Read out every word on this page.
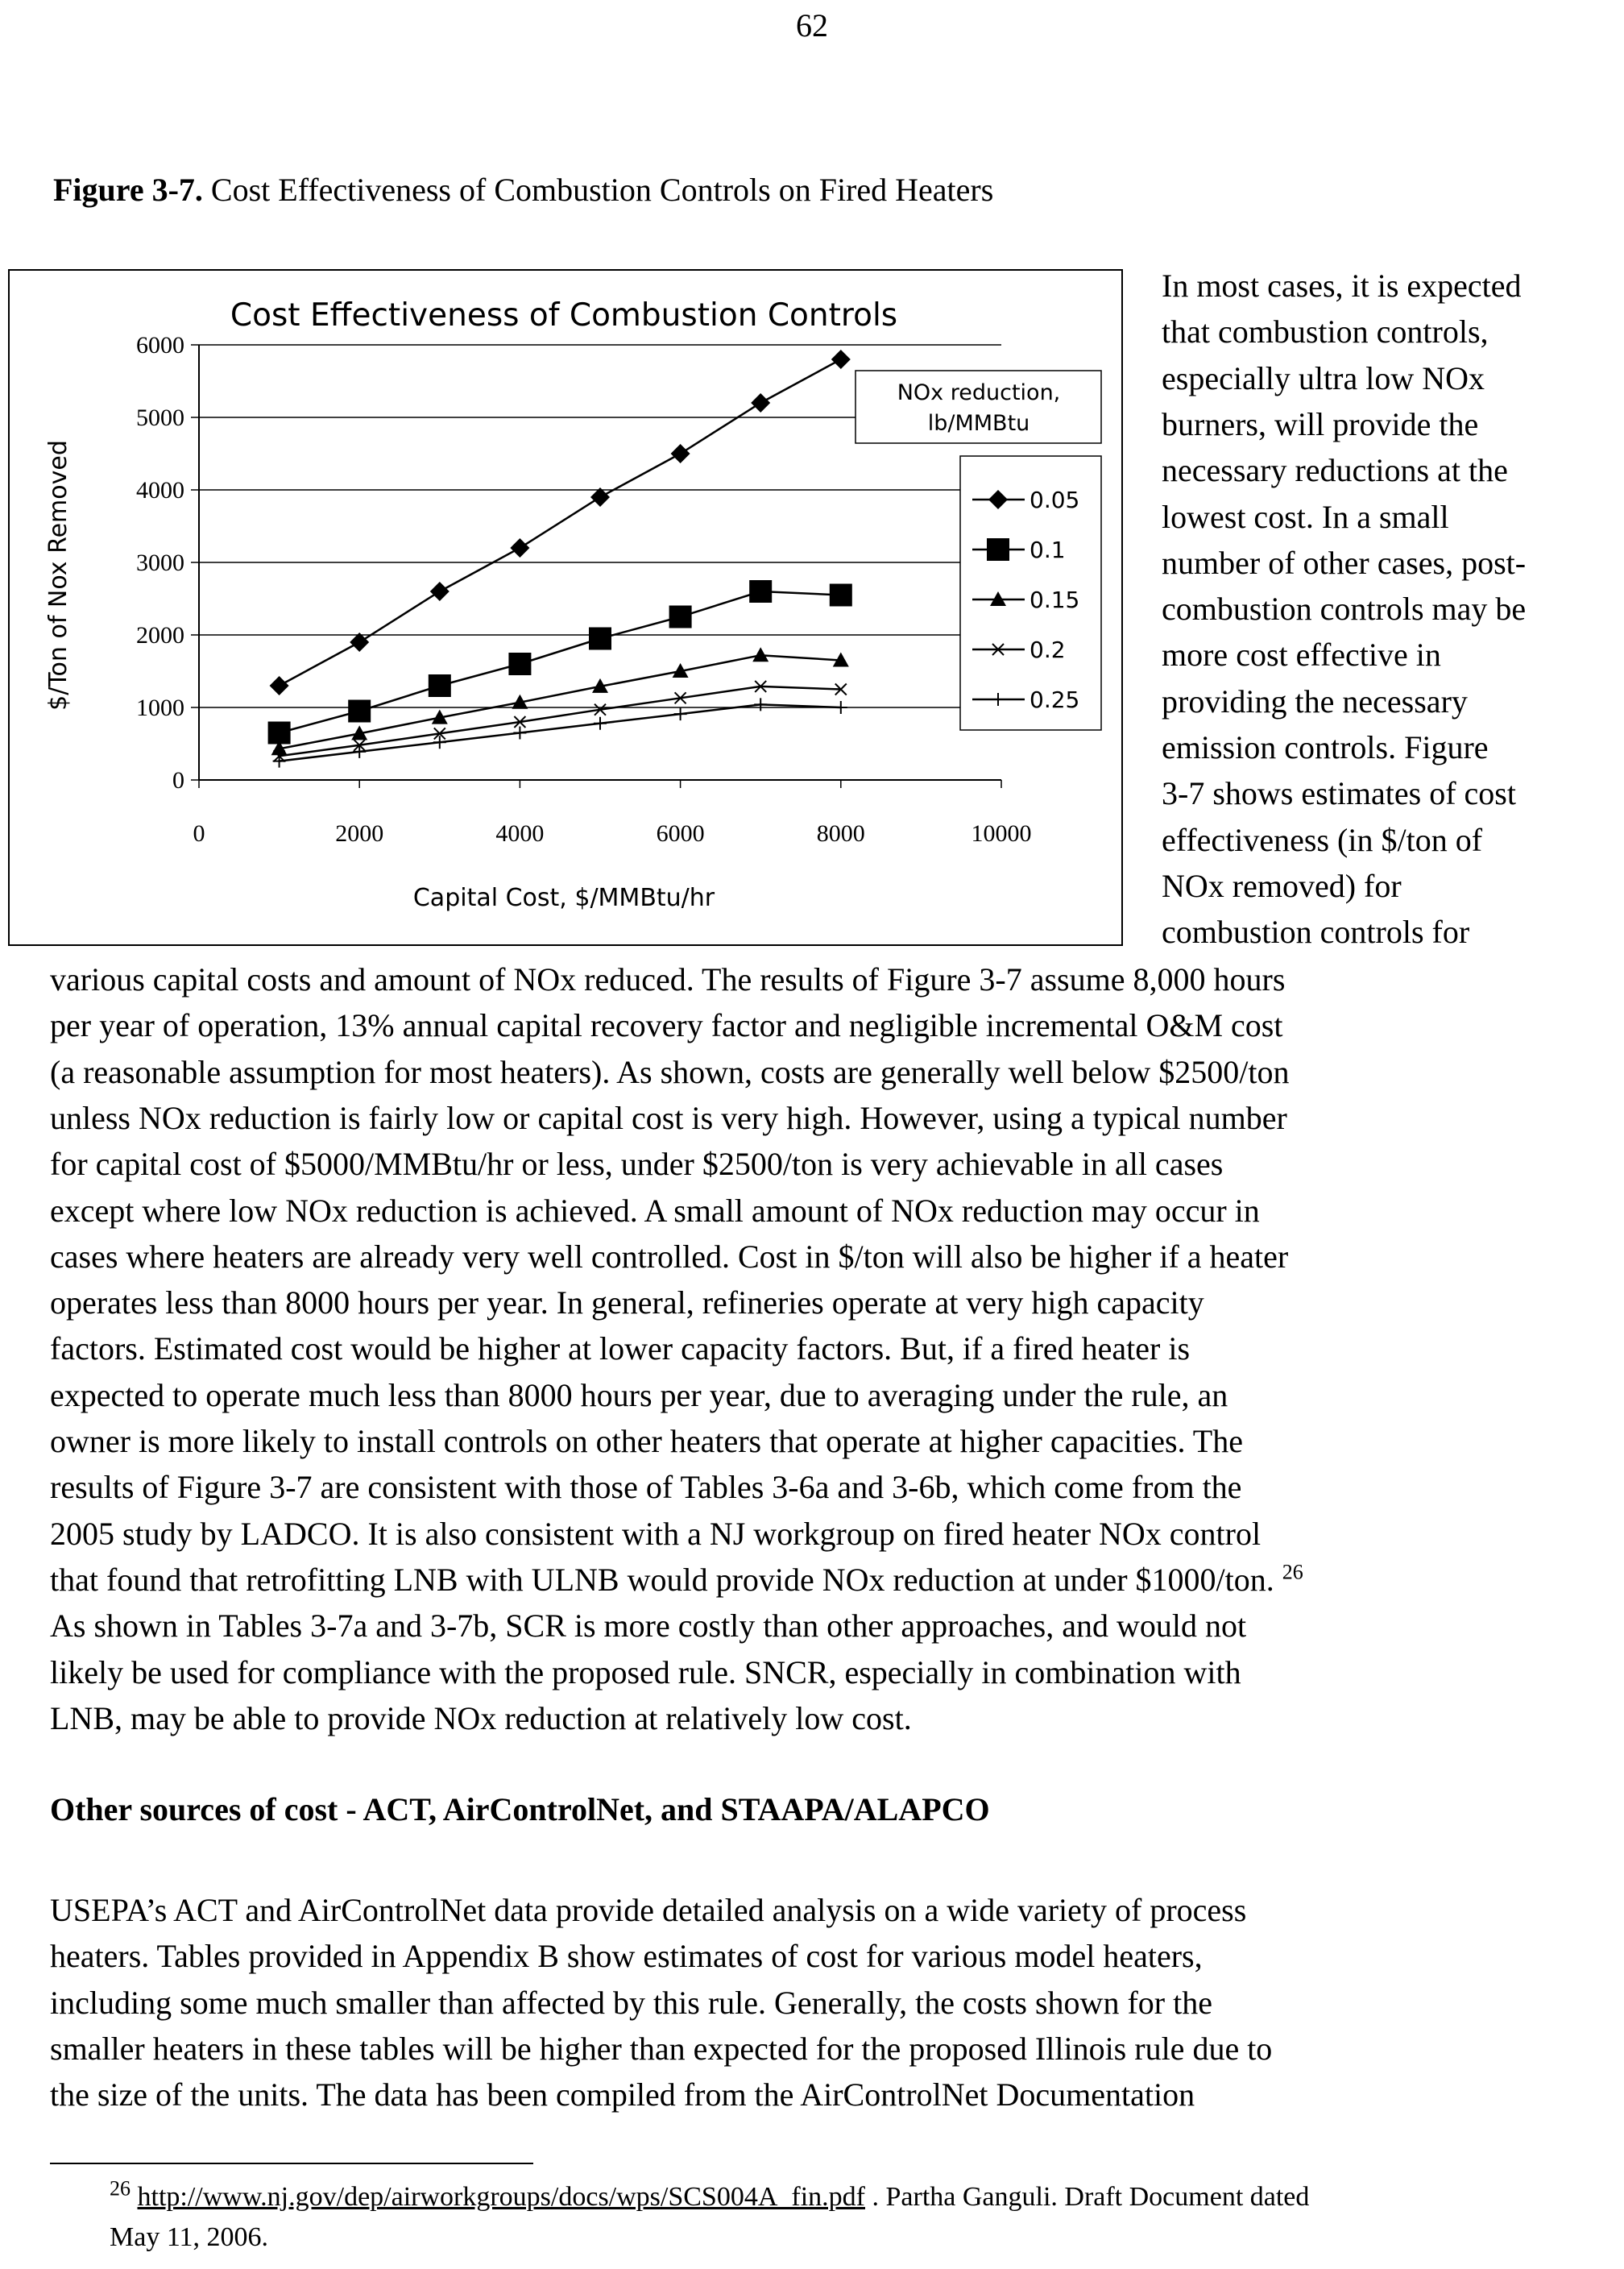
62
Figure 3-7. Cost Effectiveness of Combustion Controls on Fired Heaters
Cost Effectiveness of Combustion Controls
0
1000
2000
3000
4000
5000
6000
0	2000	4000	6000	8000	10000
Capital Cost, $/MMBtu/hr
$/Ton of Nox Removed
NOx reduction,
lb/MMBtu
0.05
0.1
0.15
0.2
0.25
In most cases, it is expected
that combustion controls,
especially ultra low NOx
burners, will provide the
necessary reductions at the
lowest cost. In a small
number of other cases, post-
combustion controls may be
more cost effective in
providing the necessary
emission controls. Figure
3-7 shows estimates of cost
effectiveness (in $/ton of
NOx removed) for
combustion controls for
various capital costs and amount of NOx reduced. The results of Figure 3-7 assume 8,000 hours
per year of operation, 13% annual capital recovery factor and negligible incremental O&M cost
(a reasonable assumption for most heaters). As shown, costs are generally well below $2500/ton
unless NOx reduction is fairly low or capital cost is very high. However, using a typical number
for capital cost of $5000/MMBtu/hr or less, under $2500/ton is very achievable in all cases
except where low NOx reduction is achieved. A small amount of NOx reduction may occur in
cases where heaters are already very well controlled. Cost in $/ton will also be higher if a heater
operates less than 8000 hours per year. In general, refineries operate at very high capacity
factors. Estimated cost would be higher at lower capacity factors. But, if a fired heater is
expected to operate much less than 8000 hours per year, due to averaging under the rule, an
owner is more likely to install controls on other heaters that operate at higher capacities. The
results of Figure 3-7 are consistent with those of Tables 3-6a and 3-6b, which come from the
2005 study by LADCO. It is also consistent with a NJ workgroup on fired heater NOx control
that found that retrofitting LNB with ULNB would provide NOx reduction at under $1000/ton. $^{26}$
As shown in Tables 3-7a and 3-7b, SCR is more costly than other approaches, and would not
likely be used for compliance with the proposed rule. SNCR, especially in combination with
LNB, may be able to provide NOx reduction at relatively low cost.
Other sources of cost - ACT, AirControlNet, and STAAPA/ALAPCO
USEPA’s ACT and AirControlNet data provide detailed analysis on a wide variety of process
heaters. Tables provided in Appendix B show estimates of cost for various model heaters,
including some much smaller than affected by this rule. Generally, the costs shown for the
smaller heaters in these tables will be higher than expected for the proposed Illinois rule due to
the size of the units. The data has been compiled from the AirControlNet Documentation
$^{26}$ http://www.nj.gov/dep/airworkgroups/docs/wps/SCS004A_fin.pdf . Partha Ganguli. Draft Document dated
May 11, 2006.
